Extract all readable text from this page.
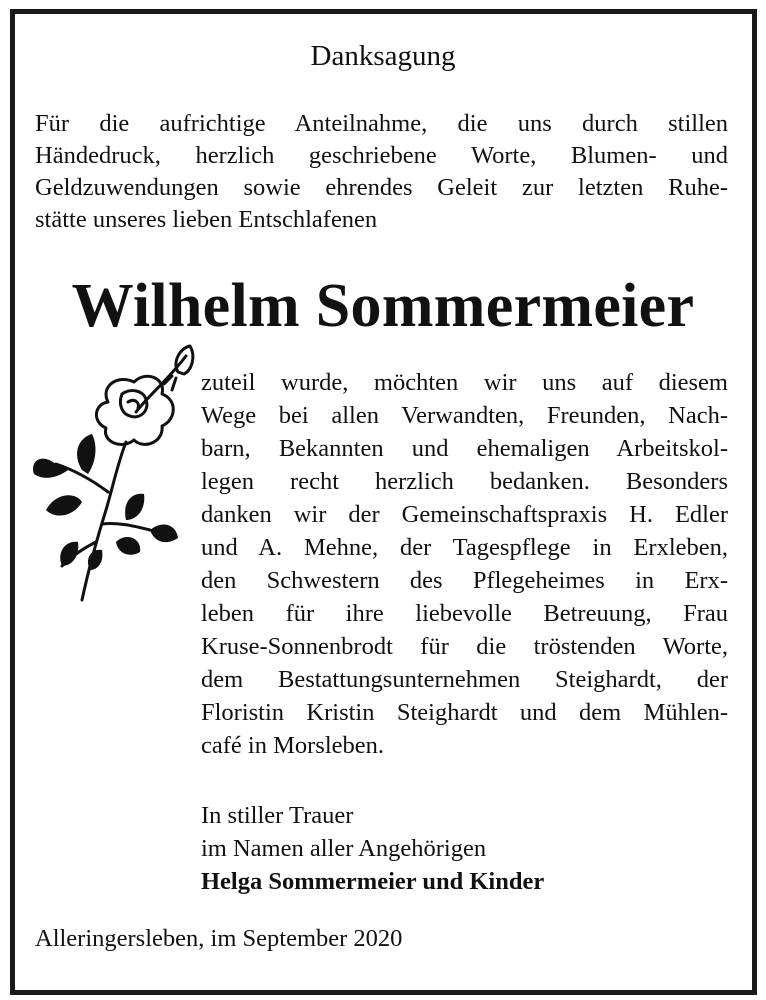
Danksagung
Für die aufrichtige Anteilnahme, die uns durch stillen
Händedruck, herzlich geschriebene Worte, Blumen- und
Geldzuwendungen sowie ehrendes Geleit zur letzten Ruhe-
stätte unseres lieben Entschlafenen
Wilhelm Sommermeier
zuteil wurde, möchten wir uns auf diesem
Wege bei allen Verwandten, Freunden, Nach-
barn, Bekannten und ehemaligen Arbeitskol-
legen recht herzlich bedanken. Besonders
danken wir der Gemeinschaftspraxis H. Edler
und A. Mehne, der Tagespflege in Erxleben,
den Schwestern des Pflegeheimes in Erx-
leben für ihre liebevolle Betreuung, Frau
Kruse-Sonnenbrodt für die tröstenden Worte,
dem Bestattungsunternehmen Steighardt, der
Floristin Kristin Steighardt und dem Mühlen-
café in Morsleben.
In stiller Trauer
im Namen aller Angehörigen
Helga Sommermeier und Kinder
Alleringersleben, im September 2020
